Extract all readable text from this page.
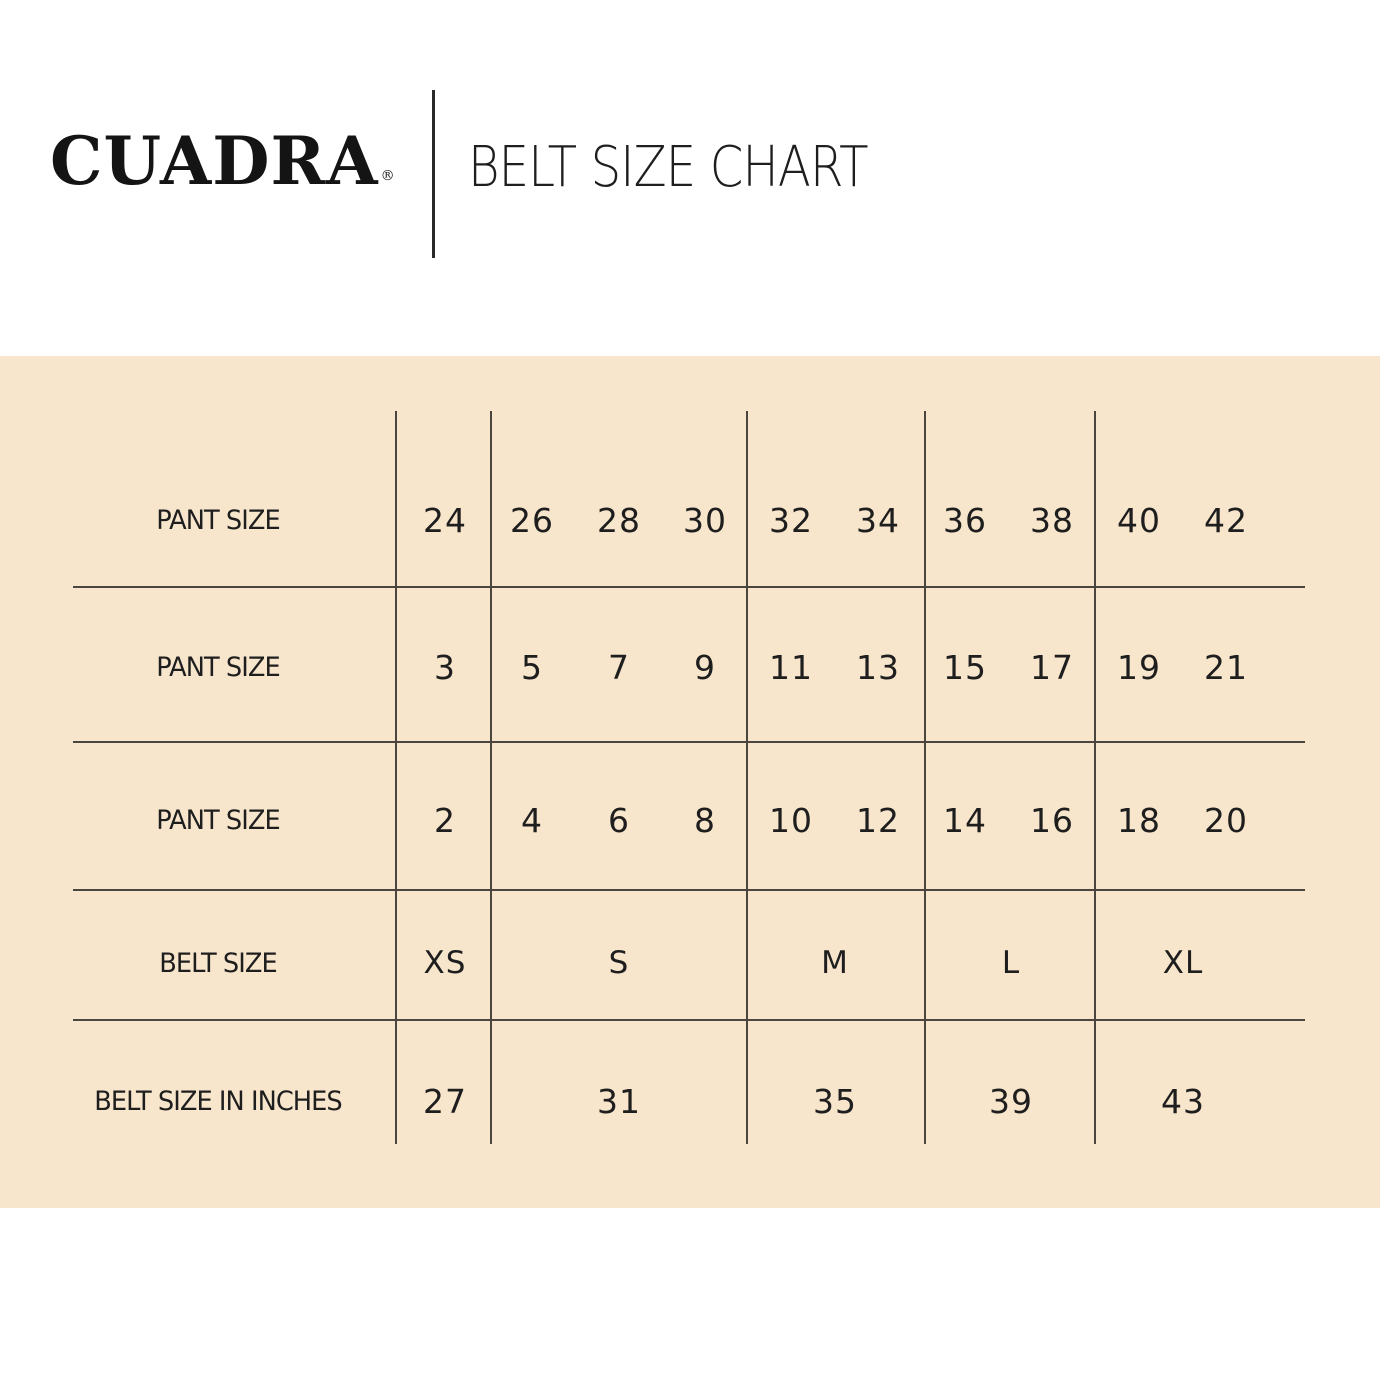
CUADRA ® BELT SIZE CHART
PANT SIZE	24	26	28	30	32	34	36	38	40	42
PANT SIZE	3	5	7	9	11	13	15	17	19	21
PANT SIZE	2	4	6	8	10	12	14	16	18	20
BELT SIZE	XS	S	M	L	XL
BELT SIZE IN INCHES	27	31	35	39	43
